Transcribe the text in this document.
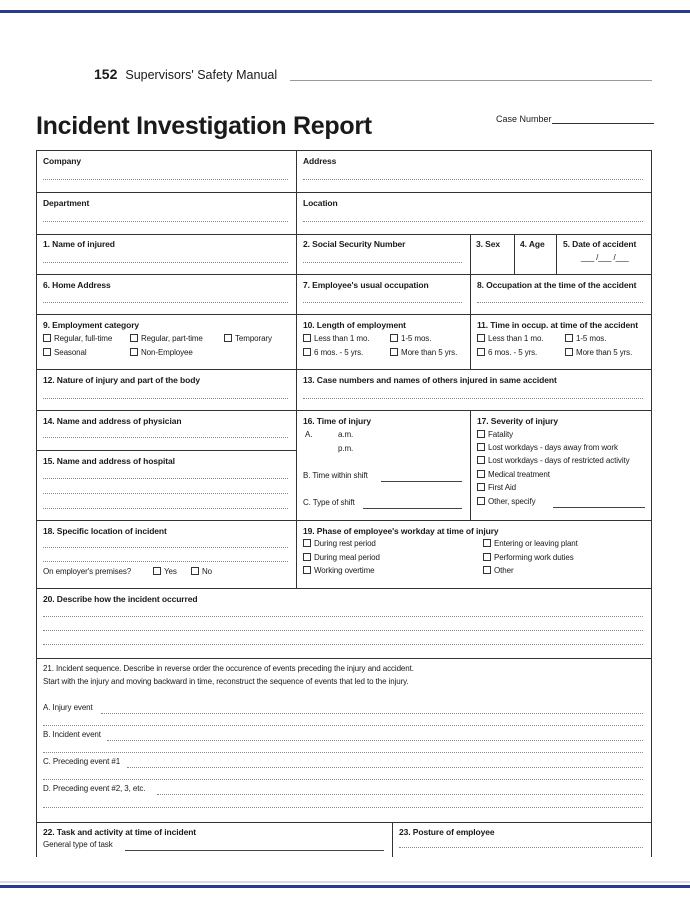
152 Supervisors' Safety Manual
Incident Investigation Report	Case Number
Company	Address
Department	Location
1. Name of injured	2. Social Security Number	3. Sex 4. Age 5. Date of accident
___ /___ /___
6. Home Address	7. Employee's usual occupation	8. Occupation at the time of the accident
9. Employment category
Regular, full-time	Regular, part-time	Temporary
Seasonal	Non-Employee
10. Length of employment
Less than 1 mo.	1-5 mos.
6 mos. - 5 yrs.	More than 5 yrs.
11. Time in occup. at time of the accident
Less than 1 mo.	1-5 mos.
6 mos. - 5 yrs.	More than 5 yrs.
12. Nature of injury and part of the body	13. Case numbers and names of others injured in same accident
14. Name and address of physician
15. Name and address of hospital
16. Time of injury
A.	a.m.
p.m.
B. Time within shift
C. Type of shift
17. Severity of injury
Fatality
Lost workdays - days away from work
Lost workdays - days of restricted activity
Medical treatment
First Aid
Other, specify
18. Specific location of incident
On employer's premises?	Yes	No
19. Phase of employee's workday at time of injury
During rest period
During meal period
Working overtime
Entering or leaving plant
Performing work duties
Other
20. Describe how the incident occurred
21. Incident sequence. Describe in reverse order the occurence of events preceding the injury and accident.
Start with the injury and moving backward in time, reconstruct the sequence of events that led to the injury.
A. Injury event
B. Incident event
C. Preceding event #1
D. Preceding event #2, 3, etc.
22. Task and activity at time of incident
General type of task
23. Posture of employee
